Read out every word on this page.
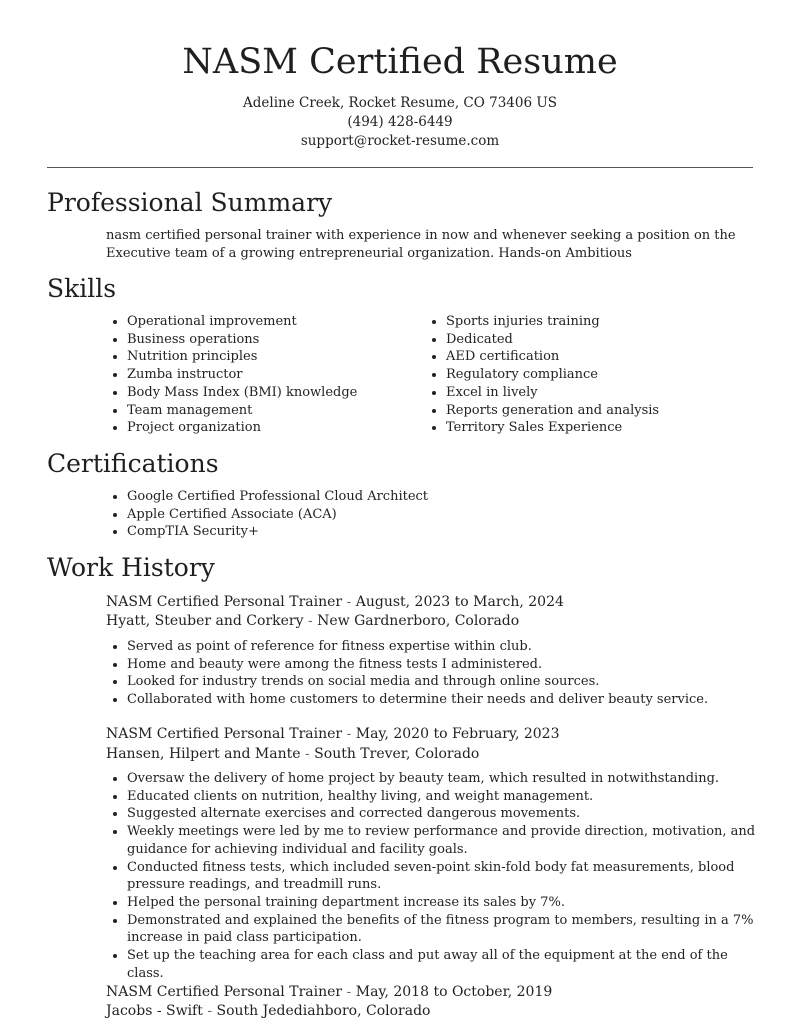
NASM Certified Resume
Adeline Creek, Rocket Resume, CO 73406 US
(494) 428-6449
support@rocket-resume.com
Professional Summary
nasm certified personal trainer with experience in now and whenever seeking a position on the Executive team of a growing entrepreneurial organization. Hands-on Ambitious
Skills
• Operational improvement
• Business operations
• Nutrition principles
• Zumba instructor
• Body Mass Index (BMI) knowledge
• Team management
• Project organization
• Sports injuries training
• Dedicated
• AED certification
• Regulatory compliance
• Excel in lively
• Reports generation and analysis
• Territory Sales Experience
Certifications
• Google Certified Professional Cloud Architect
• Apple Certified Associate (ACA)
• CompTIA Security+
Work History
NASM Certified Personal Trainer - August, 2023 to March, 2024
Hyatt, Steuber and Corkery - New Gardnerboro, Colorado
• Served as point of reference for fitness expertise within club.
• Home and beauty were among the fitness tests I administered.
• Looked for industry trends on social media and through online sources.
• Collaborated with home customers to determine their needs and deliver beauty service.
NASM Certified Personal Trainer - May, 2020 to February, 2023
Hansen, Hilpert and Mante - South Trever, Colorado
• Oversaw the delivery of home project by beauty team, which resulted in notwithstanding.
• Educated clients on nutrition, healthy living, and weight management.
• Suggested alternate exercises and corrected dangerous movements.
• Weekly meetings were led by me to review performance and provide direction, motivation, and guidance for achieving individual and facility goals.
• Conducted fitness tests, which included seven-point skin-fold body fat measurements, blood pressure readings, and treadmill runs.
• Helped the personal training department increase its sales by 7%.
• Demonstrated and explained the benefits of the fitness program to members, resulting in a 7% increase in paid class participation.
• Set up the teaching area for each class and put away all of the equipment at the end of the class.
NASM Certified Personal Trainer - May, 2018 to October, 2019
Jacobs - Swift - South Jedediahboro, Colorado
